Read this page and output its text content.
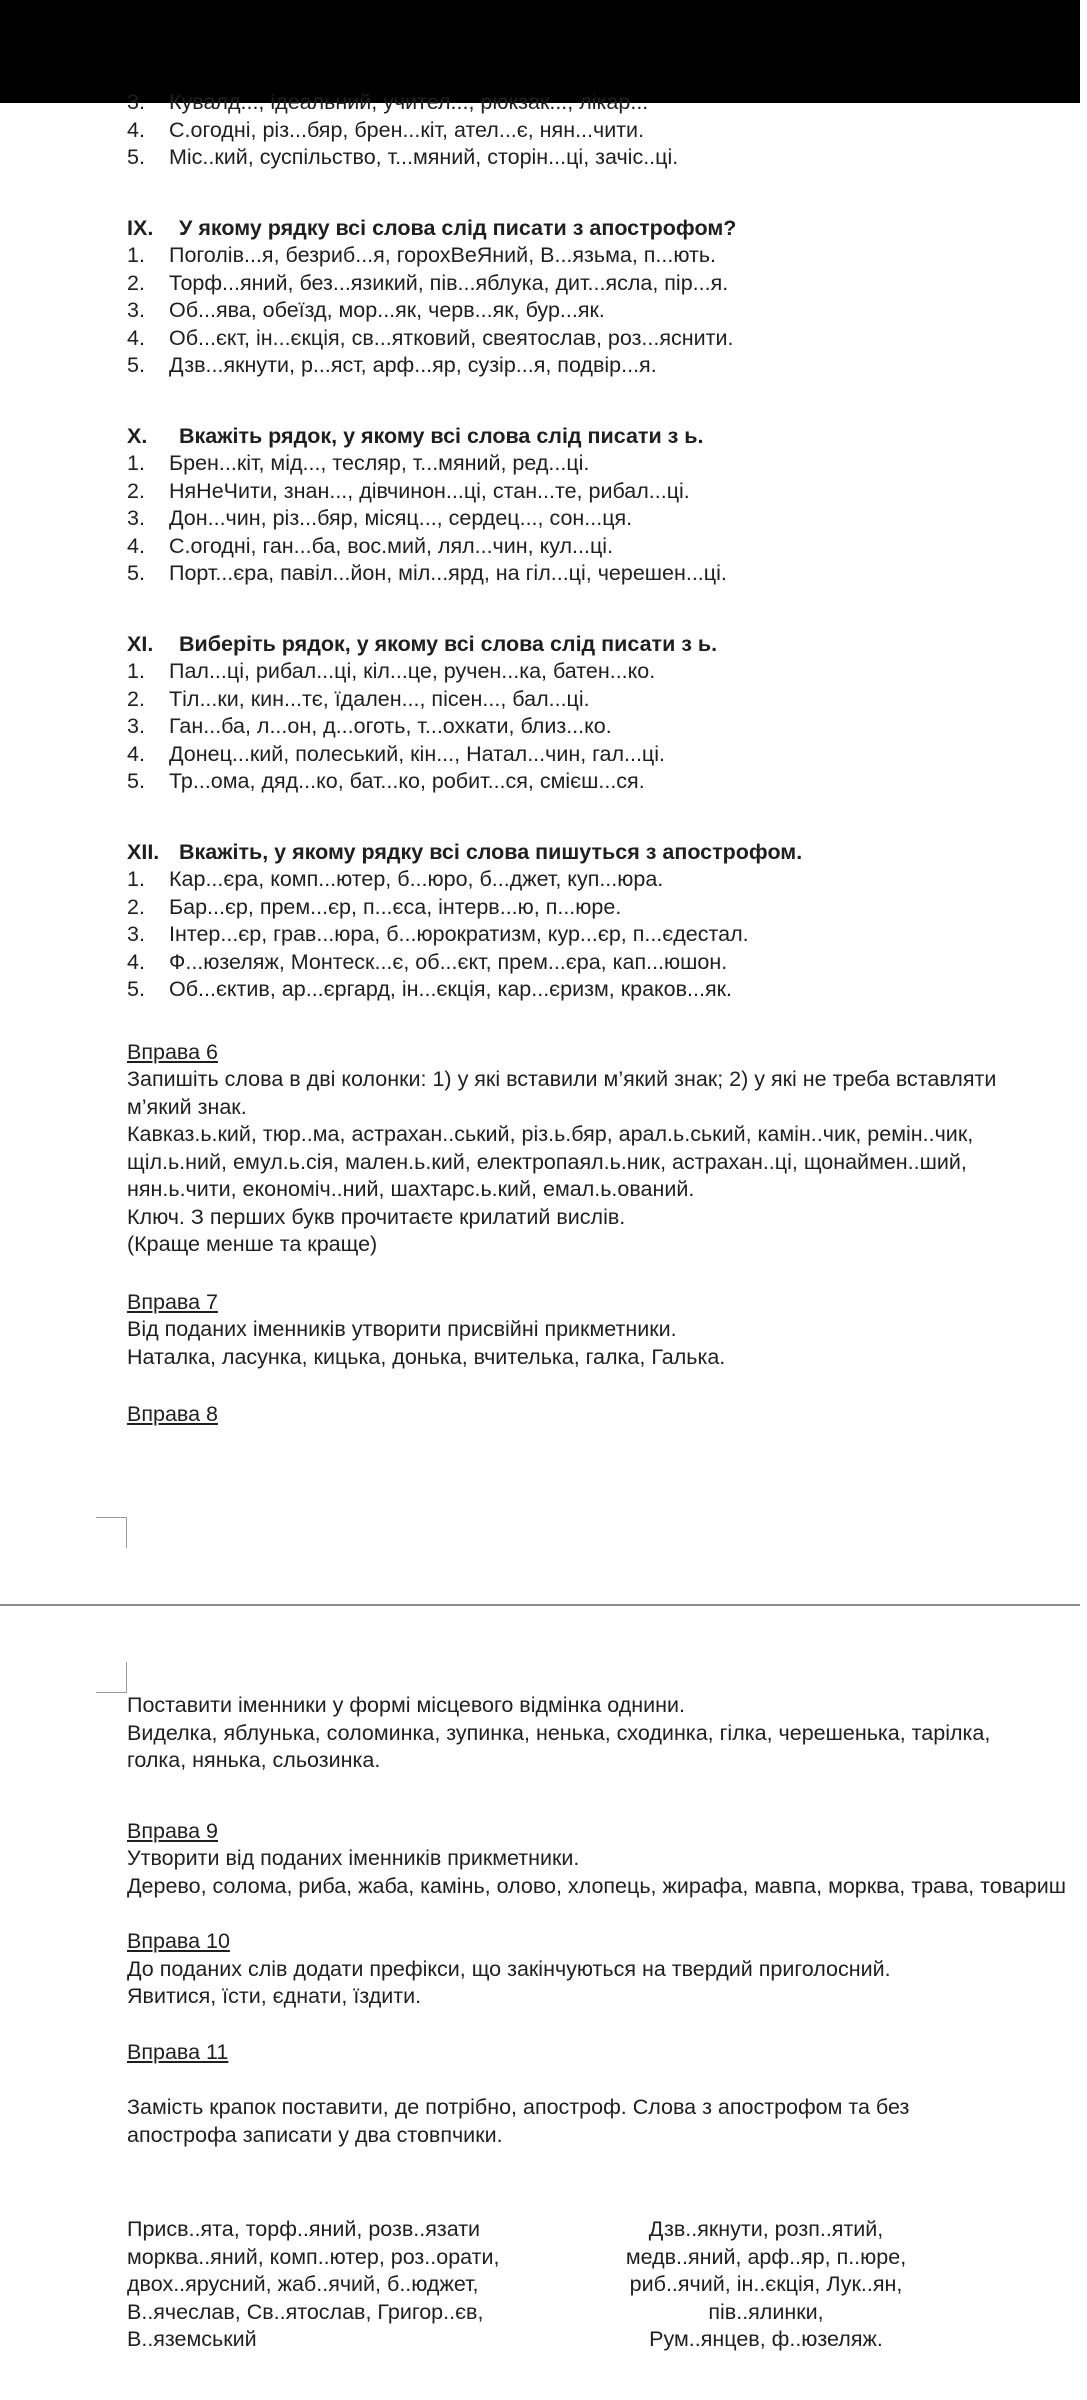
3. Кувалд..., ідеальний, учител..., рюкзак..., лікар...
4. С.огодні, різ...бяр, брен...кіт, ател...є, нян...чити.
5. Міс..кий, суспільство, т...мяний, сторін...ці, зачіс..ці.
IX. У якому рядку всі слова слід писати з апострофом?
1. Поголів...я, безриб...я, горохВеЯний, В...язьма, п...ють.
2. Торф...яний, без...язикий, пів...яблука, дит...ясла, пір...я.
3. Об...ява, обеїзд, мор...як, черв...як, бур...як.
4. Об...єкт, ін...єкція, св...ятковий, свеятослав, роз...яснити.
5. Дзв...якнути, р...яст, арф...яр, сузір...я, подвір...я.
X. Вкажіть рядок, у якому всі слова слід писати з ь.
1. Брен...кіт, мід..., тесляр, т...мяний, ред...ці.
2. НяНеЧити, знан..., дівчинон...ці, стан...те, рибал...ці.
3. Дон...чин, різ...бяр, місяц..., сердец..., сон...ця.
4. С.огодні, ган...ба, вос.мий, лял...чин, кул...ці.
5. Порт...єра, павіл...йон, міл...ярд, на гіл...ці, черешен...ці.
XI. Виберіть рядок, у якому всі слова слід писати з ь.
1. Пал...ці, рибал...ці, кіл...це, ручен...ка, батен...ко.
2. Тіл...ки, кин...тє, їдален..., пісен..., бал...ці.
3. Ган...ба, л...он, д...оготь, т...охкати, близ...ко.
4. Донец...кий, полеський, кін..., Натал...чин, гал...ці.
5. Тр...ома, дяд...ко, бат...ко, робит...ся, смієш...ся.
XII. Вкажіть, у якому рядку всі слова пишуться з апострофом.
1. Кар...єра, комп...ютер, б...юро, б...джет, куп...юра.
2. Бар...єр, прем...єр, п...єса, інтерв...ю, п...юре.
3. Інтер...єр, грав...юра, б...юрократизм, кур...єр, п...єдестал.
4. Ф...юзеляж, Монтеск...є, об...єкт, прем...єра, кап...юшон.
5. Об...єктив, ар...єргард, ін...єкція, кар...єризм, краков...як.
Вправа 6
Запишіть слова в дві колонки: 1) у які вставили м’який знак; 2) у які не треба вставляти
м’який знак.
Кавказ.ь.кий, тюр..ма, астрахан..ський, різ.ь.бяр, арал.ь.ський, камін..чик, ремін..чик,
щіл.ь.ний, емул.ь.сія, мален.ь.кий, електропаял.ь.ник, астрахан..ці, щонаймен..ший,
нян.ь.чити, економіч..ний, шахтарс.ь.кий, емал.ь.ований.
Ключ. З перших букв прочитаєте крилатий вислів.
(Краще менше та краще)
Вправа 7
Від поданих іменників утворити присвійні прикметники.
Наталка, ласунка, кицька, донька, вчителька, галка, Галька.
Вправа 8
Поставити іменники у формі місцевого відмінка однини.
Виделка, яблунька, соломинка, зупинка, ненька, сходинка, гілка, черешенька, тарілка,
голка, нянька, сльозинка.
Вправа 9
Утворити від поданих іменників прикметники.
Дерево, солома, риба, жаба, камінь, олово, хлопець, жирафа, мавпа, морква, трава, товариш
Вправа 10
До поданих слів додати префікси, що закінчуються на твердий приголосний.
Явитися, їсти, єднати, їздити.
Вправа 11
Замість крапок поставити, де потрібно, апостроф. Слова з апострофом та без
апострофа записати у два стовпчики.
Присв..ята, торф..яний, розв..язати
морква..яний, комп..ютер, роз..орати,
двох..ярусний, жаб..ячий, б..юджет,
В..ячеслав, Св..ятослав, Григор..єв,
В..яземський
Дзв..якнути, розп..ятий,
медв..яний, арф..яр, п..юре,
риб..ячий, ін..єкція, Лук..ян,
пів..ялинки,
Рум..янцев, ф..юзеляж.
